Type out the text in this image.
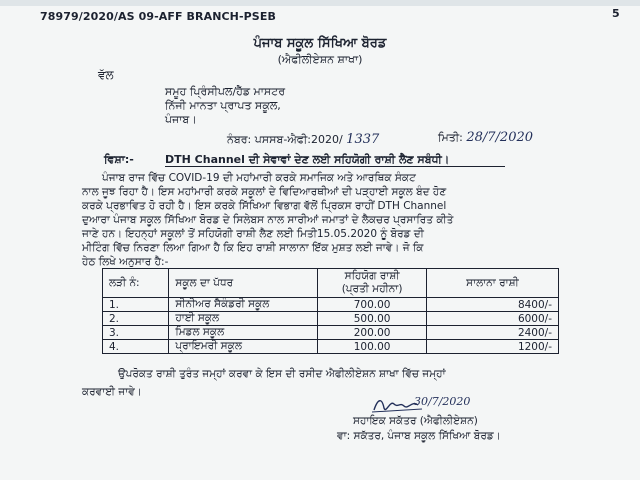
78979/2020/AS 09-AFF BRANCH-PSEB	5
ਪੰਜਾਬ ਸਕੂਲ ਸਿੱਖਿਆ ਬੋਰਡ
(ਐਫੀਲੀਏਸ਼ਨ ਸ਼ਾਖਾ)
ਵੱਲ
ਸਮੂਹ ਪ੍ਰਿੰਸੀਪਲ/ਹੈੱਡ ਮਾਸਟਰ
ਨਿੱਜੀ ਮਾਨਤਾ ਪ੍ਰਾਪਤ ਸਕੂਲ,
ਪੰਜਾਬ।
ਨੰਬਰ: ਪਸਸਬ-ਐਫੀ:2020/ 1337	ਮਿਤੀ: 28/7/2020
ਵਿਸ਼ਾ:-	DTH Channel ਦੀ ਸੇਵਾਵਾਂ ਦੇਣ ਲਈ ਸਹਿਯੋਗੀ ਰਾਸ਼ੀ ਲੈਣ ਸਬੰਧੀ।
ਪੰਜਾਬ ਰਾਜ ਵਿੱਚ COVID-19 ਦੀ ਮਹਾਂਮਾਰੀ ਕਰਕੇ ਸਮਾਜਿਕ ਅਤੇ ਆਰਥਿਕ ਸੰਕਟ
ਨਾਲ ਜੂਝ ਰਿਹਾ ਹੈ। ਇਸ ਮਹਾਂਮਾਰੀ ਕਰਕੇ ਸਕੂਲਾਂ ਦੇ ਵਿਦਿਆਰਥੀਆਂ ਦੀ ਪੜ੍ਹਾਈ ਸਕੂਲ ਬੰਦ ਹੋਣ
ਕਰਕੇ ਪ੍ਰਭਾਵਿਤ ਹੋ ਰਹੀ ਹੈ। ਇਸ ਕਰਕੇ ਸਿੱਖਿਆ ਵਿਭਾਗ ਵੱਲੋਂ ਪ੍ਰਿਕਸ ਰਾਹੀਂ DTH Channel
ਦੁਆਰਾ ਪੰਜਾਬ ਸਕੂਲ ਸਿੱਖਿਆ ਬੋਰਡ ਦੇ ਸਿਲੇਬਸ ਨਾਲ ਸਾਰੀਆਂ ਜਮਾਤਾਂ ਦੇ ਲੈਕਚਰ ਪ੍ਰਸਾਰਿਤ ਕੀਤੇ
ਜਾਣੇ ਹਨ। ਇਹਨ੍ਹਾਂ ਸਕੂਲਾਂ ਤੋਂ ਸਹਿਯੋਗੀ ਰਾਸ਼ੀ ਲੈਣ ਲਈ ਮਿਤੀ15.05.2020 ਨੂੰ ਬੋਰਡ ਦੀ
ਮੀਟਿੰਗ ਵਿੱਚ ਨਿਰਣਾ ਲਿਆ ਗਿਆ ਹੈ ਕਿ ਇਹ ਰਾਸ਼ੀ ਸਾਲਾਨਾ ਇੱਕ ਮੁਸ਼ਤ ਲਈ ਜਾਵੇ। ਜੋ ਕਿ
ਹੇਠ ਲਿਖੇ ਅਨੁਸਾਰ ਹੈ:-
ਲੜੀ ਨੰ:	ਸਕੂਲ ਦਾ ਪੱਧਰ	ਸਹਿਯੋਗ ਰਾਸ਼ੀ
(ਪ੍ਰਤੀ ਮਹੀਨਾ)	ਸਾਲਾਨਾ ਰਾਸ਼ੀ
1.	ਸੀਨੀਅਰ ਸੈਕੰਡਰੀ ਸਕੂਲ	700.00	8400/-
2.	ਹਾਈ ਸਕੂਲ	500.00	6000/-
3.	ਮਿਡਲ ਸਕੂਲ	200.00	2400/-
4.	ਪ੍ਰਾਇਮਰੀ ਸਕੂਲ	100.00	1200/-
ਉਪਰੋਕਤ ਰਾਸ਼ੀ ਤੁਰੰਤ ਜਮ੍ਹਾਂ ਕਰਵਾ ਕੇ ਇਸ ਦੀ ਰਸੀਦ ਐਫੀਲੀਏਸ਼ਨ ਸ਼ਾਖਾ ਵਿੱਚ ਜਮ੍ਹਾਂ
ਕਰਵਾਈ ਜਾਵੇ।
30/7/2020
ਸਹਾਇਕ ਸਕੱਤਰ (ਐਫੀਲੀਏਸ਼ਨ)
ਵਾ: ਸਕੱਤਰ, ਪੰਜਾਬ ਸਕੂਲ ਸਿੱਖਿਆ ਬੋਰਡ।
